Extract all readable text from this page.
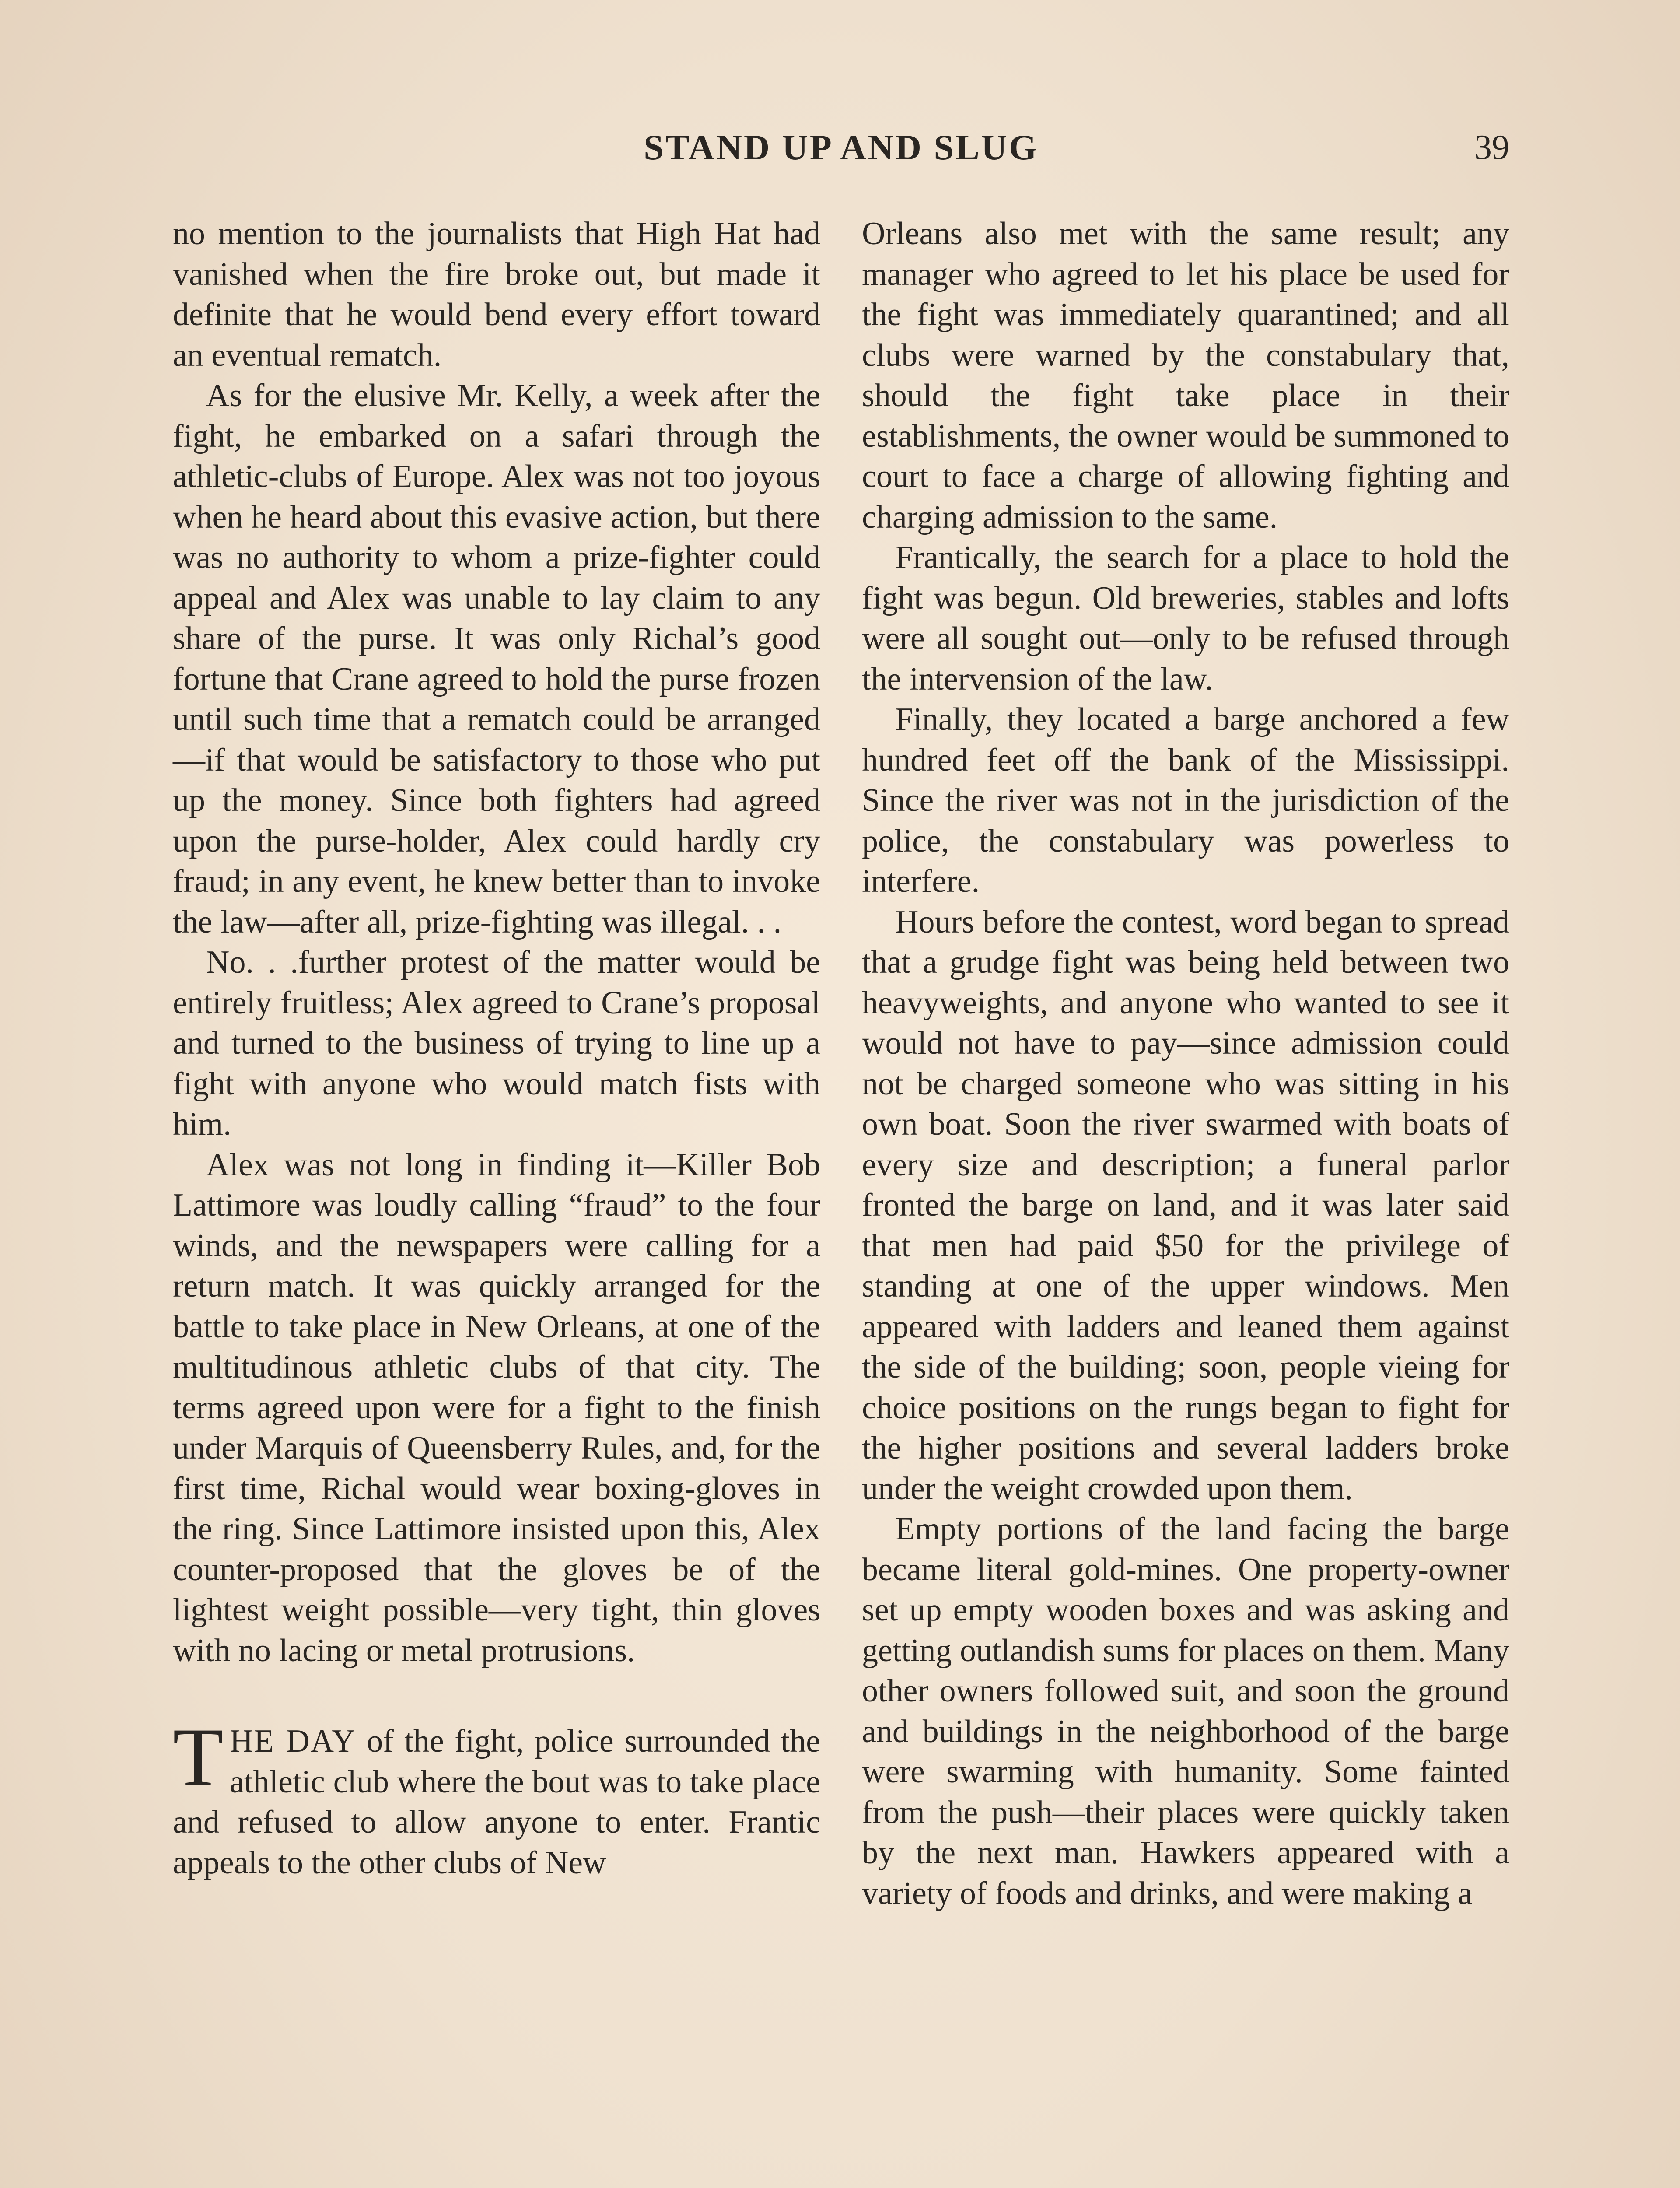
STAND UP AND SLUG	39

no mention to the journalists that High Hat had vanished when the fire broke out, but made it definite that he would bend every effort toward an eventual rematch.

As for the elusive Mr. Kelly, a week after the fight, he embarked on a safari through the athletic-clubs of Europe. Alex was not too joyous when he heard about this evasive action, but there was no authority to whom a prize-fighter could appeal and Alex was unable to lay claim to any share of the purse. It was only Richal’s good fortune that Crane agreed to hold the purse frozen until such time that a rematch could be arranged—if that would be satisfactory to those who put up the money. Since both fighters had agreed upon the purse-holder, Alex could hardly cry fraud; in any event, he knew better than to invoke the law—after all, prize-fighting was illegal. . .

No. . .further protest of the matter would be entirely fruitless; Alex agreed to Crane’s proposal and turned to the business of trying to line up a fight with anyone who would match fists with him.

Alex was not long in finding it—Killer Bob Lattimore was loudly calling “fraud” to the four winds, and the newspapers were calling for a return match. It was quickly arranged for the battle to take place in New Orleans, at one of the multitudinous athletic clubs of that city. The terms agreed upon were for a fight to the finish under Marquis of Queensberry Rules, and, for the first time, Richal would wear boxing-gloves in the ring. Since Lattimore insisted upon this, Alex counter-proposed that the gloves be of the lightest weight possible—very tight, thin gloves with no lacing or metal protrusions.

THE DAY of the fight, police surrounded the athletic club where the bout was to take place and refused to allow anyone to enter. Frantic appeals to the other clubs of New

Orleans also met with the same result; any manager who agreed to let his place be used for the fight was immediately quarantined; and all clubs were warned by the constabulary that, should the fight take place in their establishments, the owner would be summoned to court to face a charge of allowing fighting and charging admission to the same.

Frantically, the search for a place to hold the fight was begun. Old breweries, stables and lofts were all sought out—only to be refused through the intervension of the law.

Finally, they located a barge anchored a few hundred feet off the bank of the Mississippi. Since the river was not in the jurisdiction of the police, the constabulary was powerless to interfere.

Hours before the contest, word began to spread that a grudge fight was being held between two heavyweights, and anyone who wanted to see it would not have to pay—since admission could not be charged someone who was sitting in his own boat. Soon the river swarmed with boats of every size and description; a funeral parlor fronted the barge on land, and it was later said that men had paid $50 for the privilege of standing at one of the upper windows. Men appeared with ladders and leaned them against the side of the building; soon, people vieing for choice positions on the rungs began to fight for the higher positions and several ladders broke under the weight crowded upon them.

Empty portions of the land facing the barge became literal gold-mines. One property-owner set up empty wooden boxes and was asking and getting outlandish sums for places on them. Many other owners followed suit, and soon the ground and buildings in the neighborhood of the barge were swarming with humanity. Some fainted from the push—their places were quickly taken by the next man. Hawkers appeared with a variety of foods and drinks, and were making a
